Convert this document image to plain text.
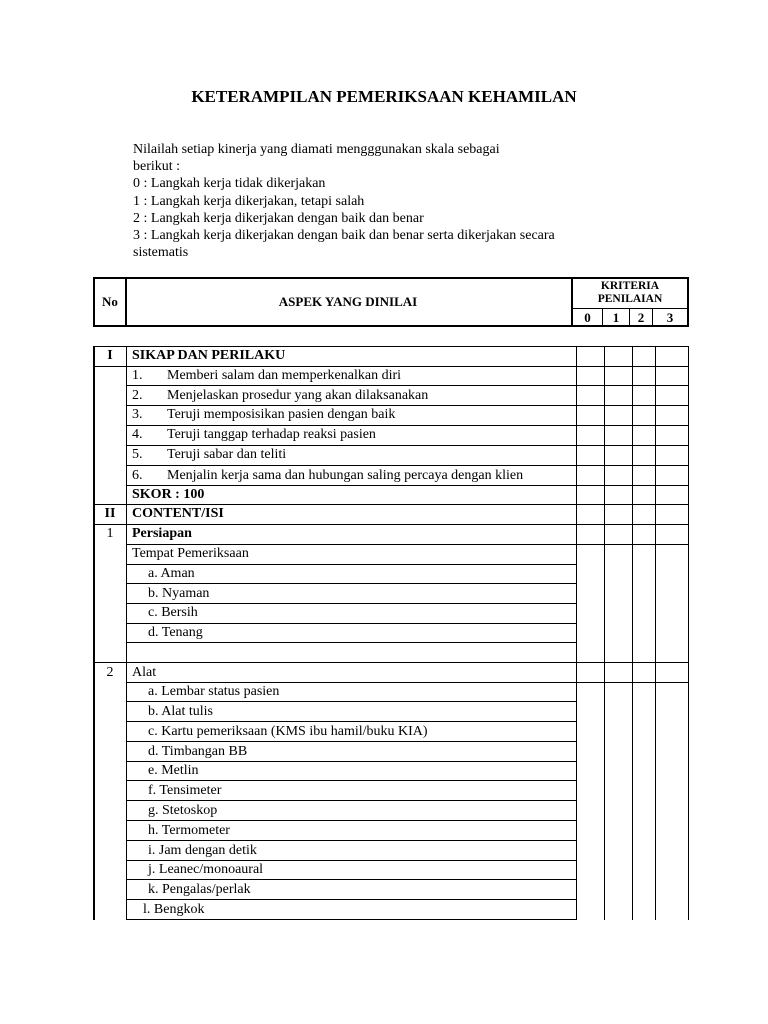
KETERAMPILAN PEMERIKSAAN KEHAMILAN
Nilailah setiap kinerja yang diamati mengggunakan skala sebagai
berikut :
0 : Langkah kerja tidak dikerjakan
1 : Langkah kerja dikerjakan, tetapi salah
2 : Langkah kerja dikerjakan dengan baik dan benar
3 : Langkah kerja dikerjakan dengan baik dan benar serta dikerjakan secara
sistematis
No	ASPEK YANG DINILAI
KRITERIA
PENILAIAN
0	1	2	3
I	SIKAP DAN PERILAKU
1. Memberi salam dan memperkenalkan diri
2. Menjelaskan prosedur yang akan dilaksanakan
3. Teruji memposisikan pasien dengan baik
4. Teruji tanggap terhadap reaksi pasien
5. Teruji sabar dan teliti
6. Menjalin kerja sama dan hubungan saling percaya dengan klien
SKOR : 100
II	CONTENT/ISI
1	Persiapan
Tempat Pemeriksaan
a. Aman
b. Nyaman
c. Bersih
d. Tenang
2	Alat
a. Lembar status pasien
b. Alat tulis
c. Kartu pemeriksaan (KMS ibu hamil/buku KIA)
d. Timbangan BB
e. Metlin
f. Tensimeter
g. Stetoskop
h. Termometer
i. Jam dengan detik
j. Leanec/monoaural
k. Pengalas/perlak
l. Bengkok
